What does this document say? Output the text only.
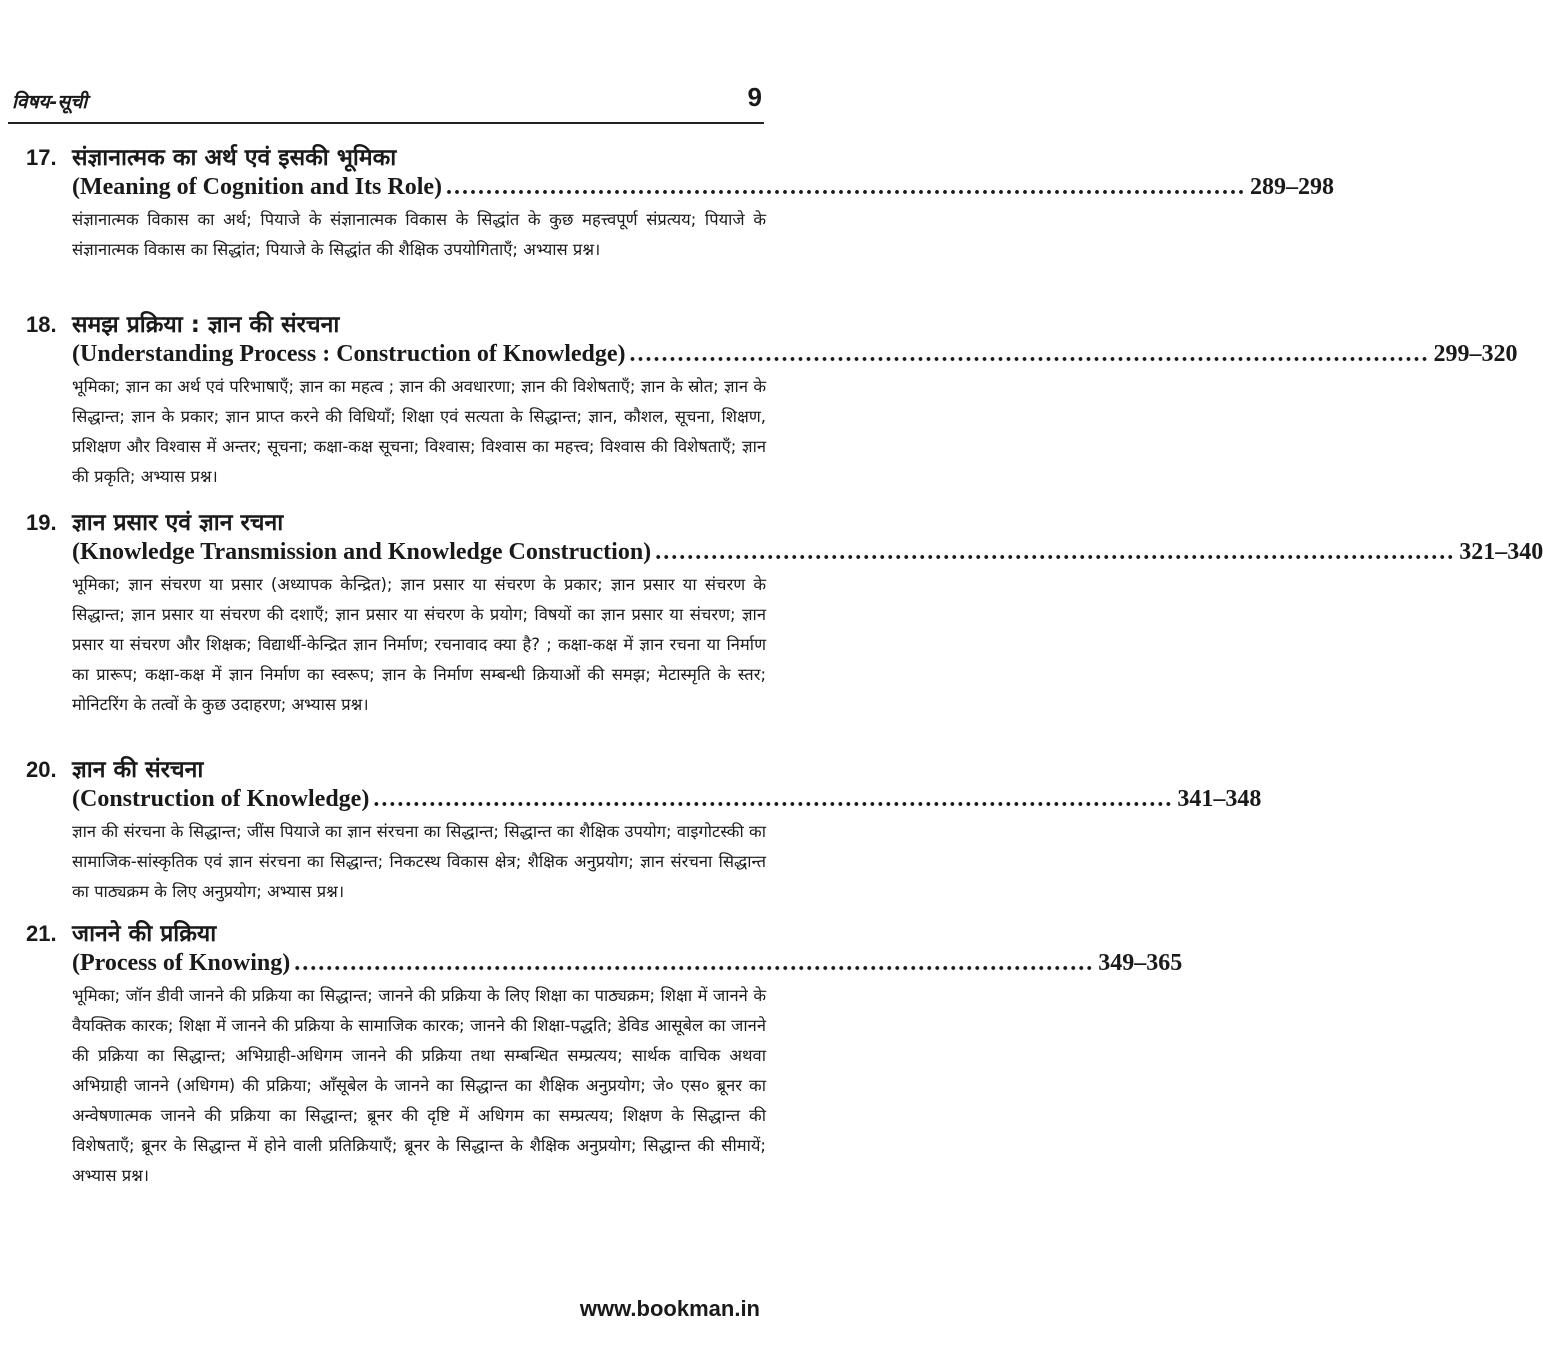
विषय-सूची	9
17. संज्ञानात्मक का अर्थ एवं इसकी भूमिका
(Meaning of Cognition and Its Role) .................................................................................................... 289–298
संज्ञानात्मक विकास का अर्थ; पियाजे के संज्ञानात्मक विकास के सिद्धांत के कुछ महत्त्वपूर्ण संप्रत्यय; पियाजे के संज्ञानात्मक विकास का सिद्धांत; पियाजे के सिद्धांत की शैक्षिक उपयोगिताएँ; अभ्यास प्रश्न।
18. समझ प्रक्रिया : ज्ञान की संरचना
(Understanding Process : Construction of Knowledge) .................................................................................................... 299–320
भूमिका; ज्ञान का अर्थ एवं परिभाषाएँ; ज्ञान का महत्व ; ज्ञान की अवधारणा; ज्ञान की विशेषताएँ; ज्ञान के स्रोत; ज्ञान के सिद्धान्त; ज्ञान के प्रकार; ज्ञान प्राप्त करने की विधियाँ; शिक्षा एवं सत्यता के सिद्धान्त; ज्ञान, कौशल, सूचना, शिक्षण, प्रशिक्षण और विश्वास में अन्तर; सूचना; कक्षा-कक्ष सूचना; विश्वास; विश्वास का महत्त्व; विश्वास की विशेषताएँ; ज्ञान की प्रकृति; अभ्यास प्रश्न।
19. ज्ञान प्रसार एवं ज्ञान रचना
(Knowledge Transmission and Knowledge Construction) .................................................................................................... 321–340
भूमिका; ज्ञान संचरण या प्रसार (अध्यापक केन्द्रित); ज्ञान प्रसार या संचरण के प्रकार; ज्ञान प्रसार या संचरण के सिद्धान्त; ज्ञान प्रसार या संचरण की दशाएँ; ज्ञान प्रसार या संचरण के प्रयोग; विषयों का ज्ञान प्रसार या संचरण; ज्ञान प्रसार या संचरण और शिक्षक; विद्यार्थी-केन्द्रित ज्ञान निर्माण; रचनावाद क्या है? ; कक्षा-कक्ष में ज्ञान रचना या निर्माण का प्रारूप; कक्षा-कक्ष में ज्ञान निर्माण का स्वरूप; ज्ञान के निर्माण सम्बन्धी क्रियाओं की समझ; मेटास्मृति के स्तर; मोनिटरिंग के तत्वों के कुछ उदाहरण; अभ्यास प्रश्न।
20. ज्ञान की संरचना
(Construction of Knowledge) .................................................................................................... 341–348
ज्ञान की संरचना के सिद्धान्त; जींस पियाजे का ज्ञान संरचना का सिद्धान्त; सिद्धान्त का शैक्षिक उपयोग; वाइगोटस्की का सामाजिक-सांस्कृतिक एवं ज्ञान संरचना का सिद्धान्त; निकटस्थ विकास क्षेत्र; शैक्षिक अनुप्रयोग; ज्ञान संरचना सिद्धान्त का पाठ्यक्रम के लिए अनुप्रयोग; अभ्यास प्रश्न।
21. जानने की प्रक्रिया
(Process of Knowing) .................................................................................................... 349–365
भूमिका; जॉन डीवी जानने की प्रक्रिया का सिद्धान्त; जानने की प्रक्रिया के लिए शिक्षा का पाठ्यक्रम; शिक्षा में जानने के वैयक्तिक कारक; शिक्षा में जानने की प्रक्रिया के सामाजिक कारक; जानने की शिक्षा-पद्धति; डेविड आसूबेल का जानने की प्रक्रिया का सिद्धान्त; अभिग्राही-अधिगम जानने की प्रक्रिया तथा सम्बन्धित सम्प्रत्यय; सार्थक वाचिक अथवा अभिग्राही जानने (अधिगम) की प्रक्रिया; आँसूबेल के जानने का सिद्धान्त का शैक्षिक अनुप्रयोग; जे० एस० ब्रूनर का अन्वेषणात्मक जानने की प्रक्रिया का सिद्धान्त; ब्रूनर की दृष्टि में अधिगम का सम्प्रत्यय; शिक्षण के सिद्धान्त की विशेषताएँ; ब्रूनर के सिद्धान्त में होने वाली प्रतिक्रियाएँ; ब्रूनर के सिद्धान्त के शैक्षिक अनुप्रयोग; सिद्धान्त की सीमायें; अभ्यास प्रश्न।
www.bookman.in
